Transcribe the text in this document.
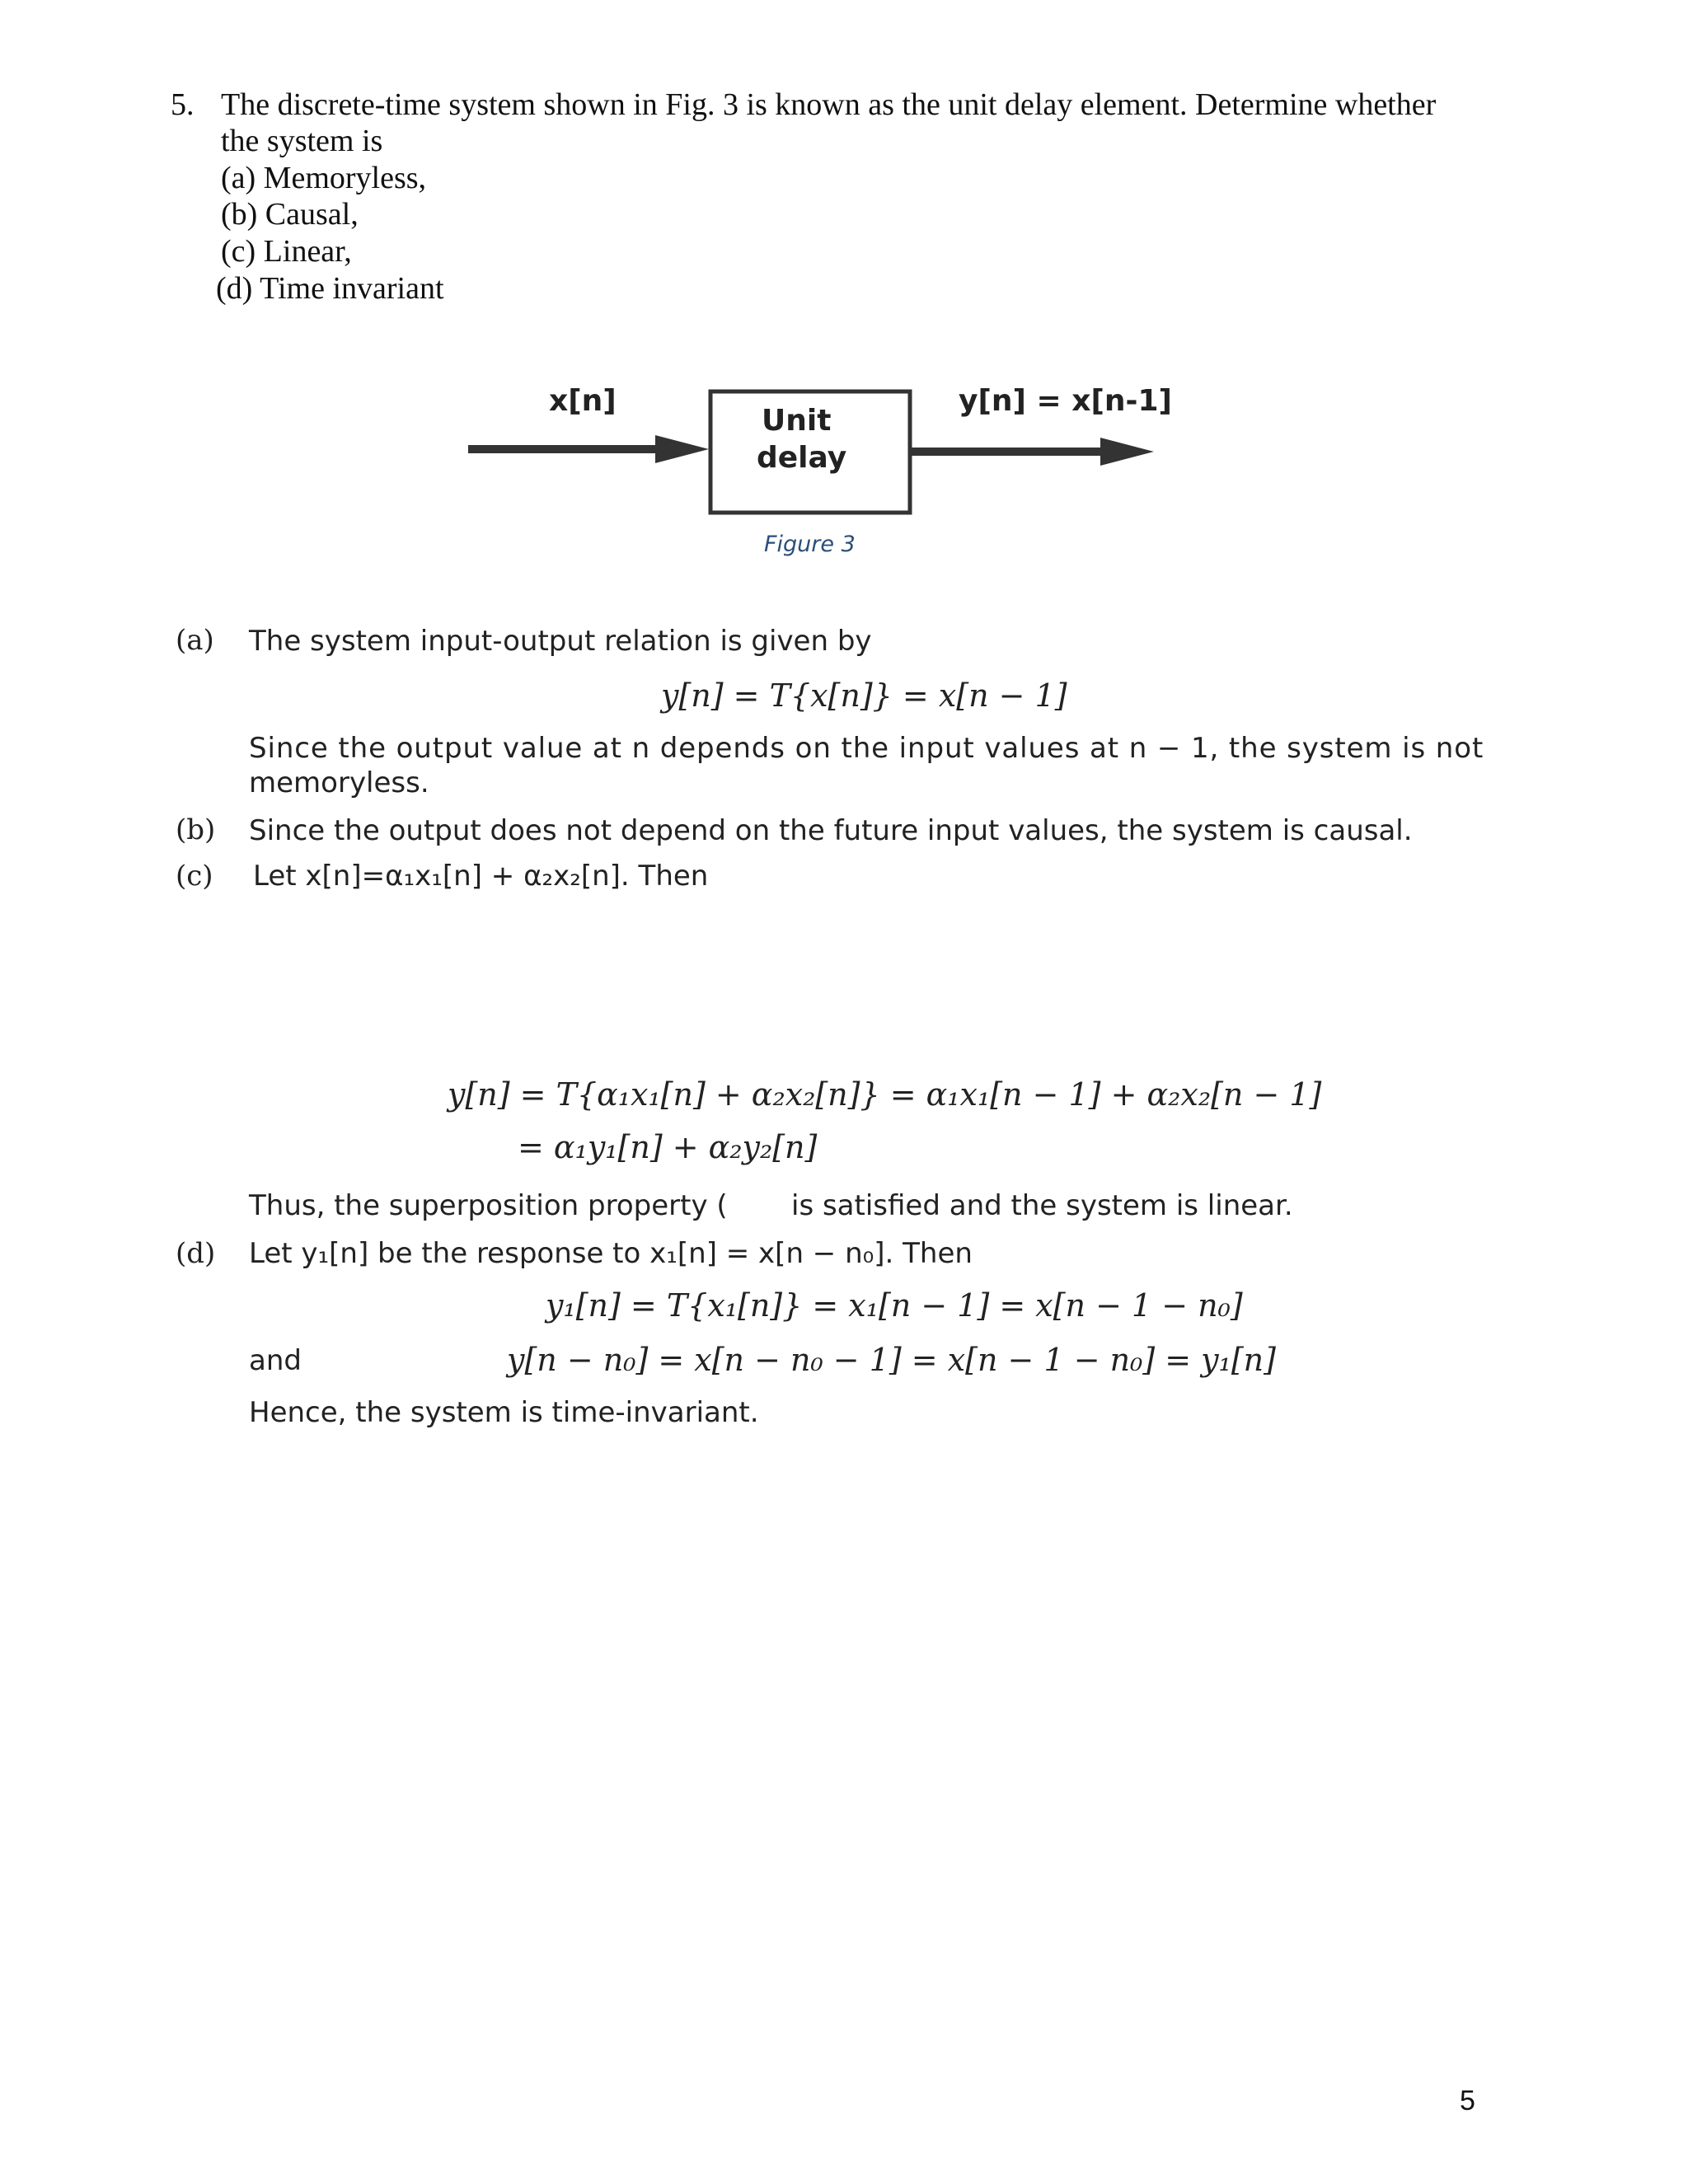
5. The discrete-time system shown in Fig. 3 is known as the unit delay element. Determine whether
the system is
(a) Memoryless,
(b) Causal,
(c) Linear,
(d) Time invariant
x[n]	y[n] = x[n-1]
Unit
delay
Figure 3
(a) The system input-output relation is given by
y[n] = T{x[n]} = x[n − 1]
Since the output value at n depends on the input values at n − 1, the system is not
memoryless.
(b) Since the output does not depend on the future input values, the system is causal.
(c) Let x[n]=α₁x₁[n] + α₂x₂[n]. Then
y[n] = T{α₁x₁[n] + α₂x₂[n]} = α₁x₁[n − 1] + α₂x₂[n − 1]
= α₁y₁[n] + α₂y₂[n]
Thus, the superposition property ( is satisfied and the system is linear.
(d) Let y₁[n] be the response to x₁[n] = x[n − n₀]. Then
y₁[n] = T{x₁[n]} = x₁[n − 1] = x[n − 1 − n₀]
and	y[n − n₀] = x[n − n₀ − 1] = x[n − 1 − n₀] = y₁[n]
Hence, the system is time-invariant.
5
